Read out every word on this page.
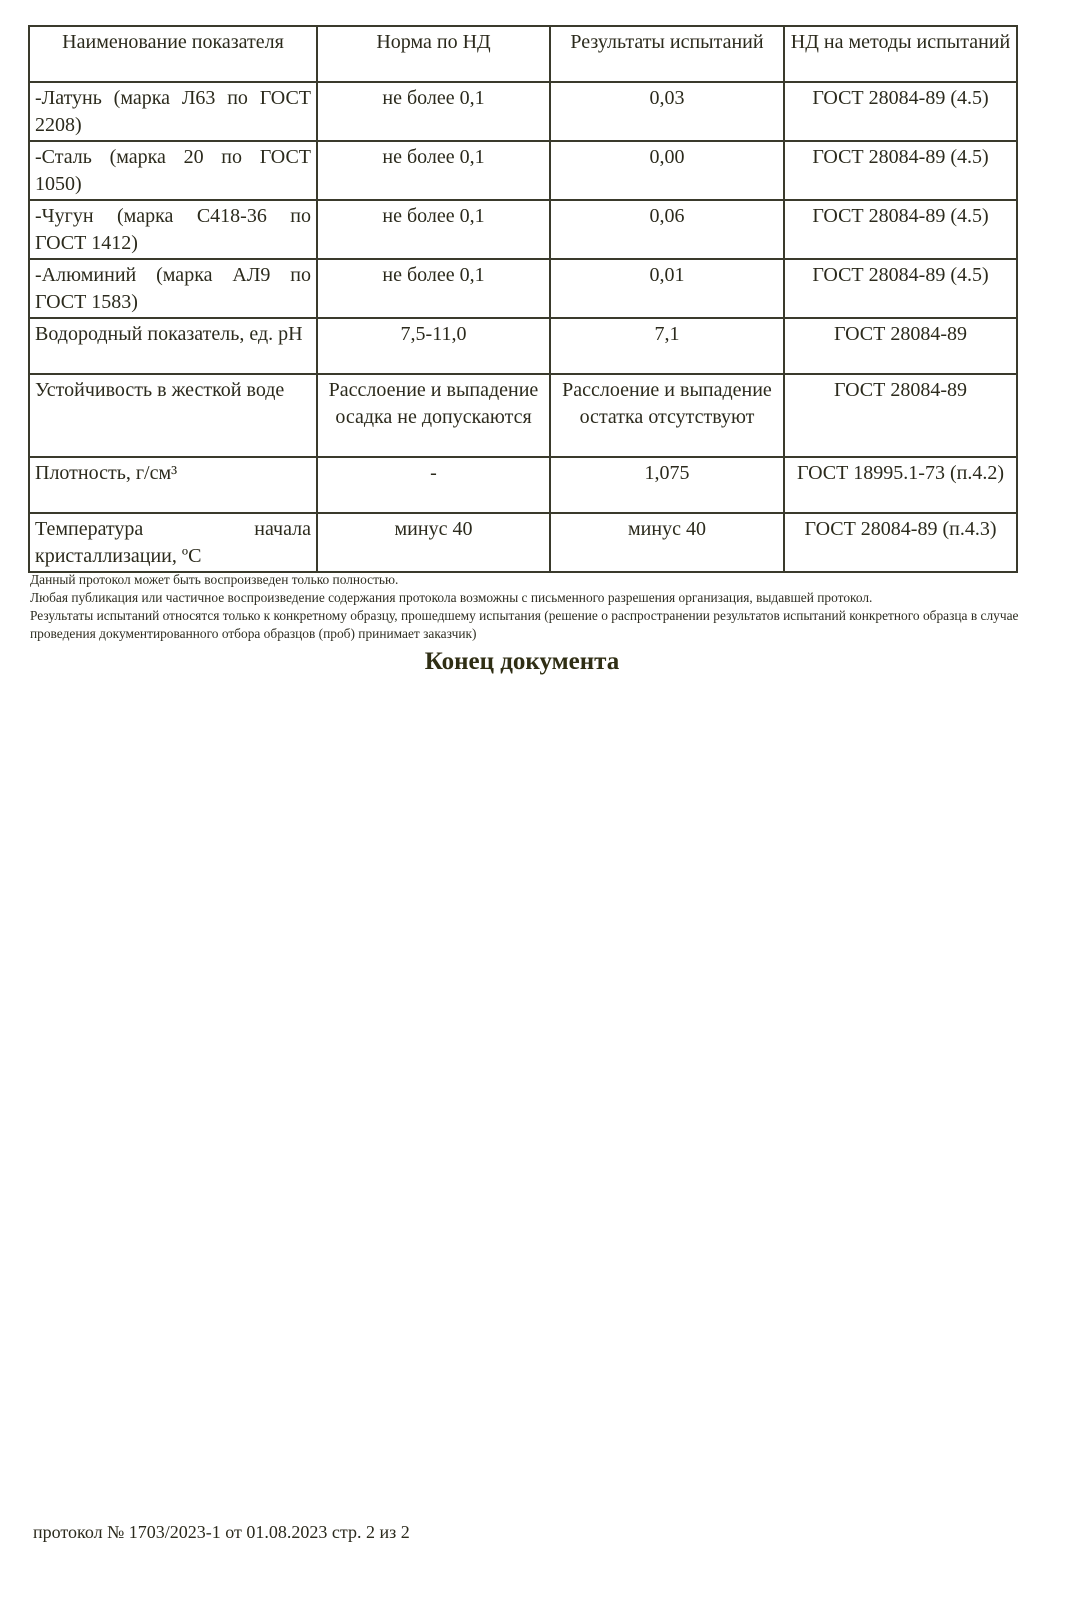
Наименование показателя	Норма по НД	Результаты испытаний	НД на методы испытаний
-Латунь (марка Л63 по ГОСТ 2208)	не более 0,1	0,03	ГОСТ 28084-89 (4.5)
-Сталь (марка 20 по ГОСТ 1050)	не более 0,1	0,00	ГОСТ 28084-89 (4.5)
-Чугун (марка С418-36 по ГОСТ 1412)	не более 0,1	0,06	ГОСТ 28084-89 (4.5)
-Алюминий (марка АЛ9 по ГОСТ 1583)	не более 0,1	0,01	ГОСТ 28084-89 (4.5)
Водородный показатель, ед. pH	7,5-11,0	7,1	ГОСТ 28084-89
Устойчивость в жесткой воде	Расслоение и выпадение осадка не допускаются	Расслоение и выпадение остатка отсутствуют	ГОСТ 28084-89
Плотность, г/см³	-	1,075	ГОСТ 18995.1-73 (п.4.2)
Температура начала кристаллизации, ºС	минус 40	минус 40	ГОСТ 28084-89 (п.4.3)

Данный протокол может быть воспроизведен только полностью.

Любая публикация или частичное воспроизведение содержания протокола возможны с письменного разрешения организация, выдавшей протокол.

Результаты испытаний относятся только к конкретному образцу, прошедшему испытания (решение о распространении результатов испытаний конкретного образца в случае проведения документированного отбора образцов (проб) принимает заказчик)

Конец документа
протокол № 1703/2023-1 от 01.08.2023 стр. 2 из 2
